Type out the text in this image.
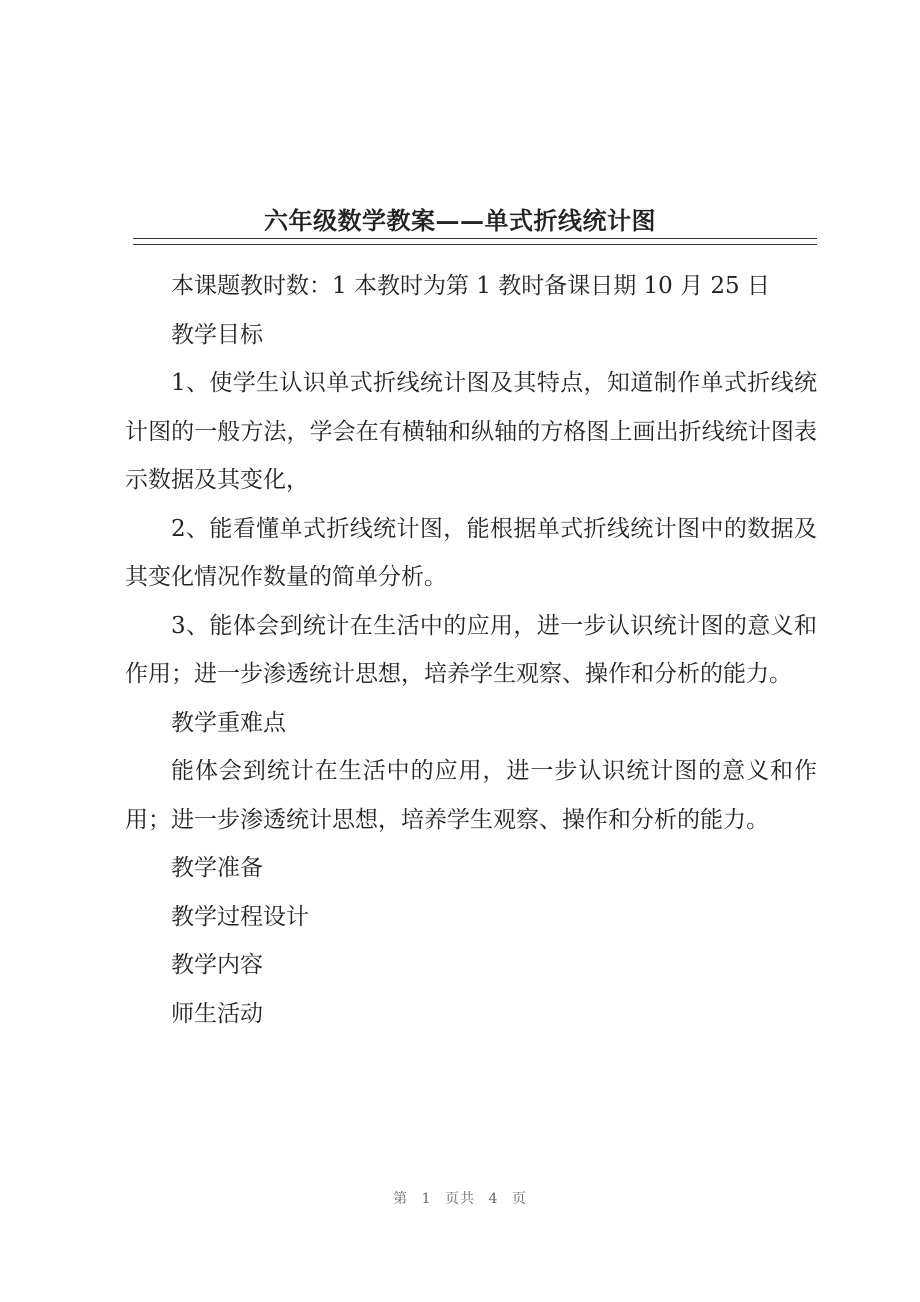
六年级数学教案——单式折线统计图

本课题教时数：1 本教时为第 1 教时备课日期 10 月 25 日

教学目标

1、使学生认识单式折线统计图及其特点，知道制作单式折线统计图的一般方法，学会在有横轴和纵轴的方格图上画出折线统计图表示数据及其变化，

2、能看懂单式折线统计图，能根据单式折线统计图中的数据及其变化情况作数量的简单分析。

3、能体会到统计在生活中的应用，进一步认识统计图的意义和作用；进一步渗透统计思想，培养学生观察、操作和分析的能力。

教学重难点

能体会到统计在生活中的应用，进一步认识统计图的意义和作用；进一步渗透统计思想，培养学生观察、操作和分析的能力。

教学准备

教学过程设计

教学内容

师生活动

第 1 页共 4 页
